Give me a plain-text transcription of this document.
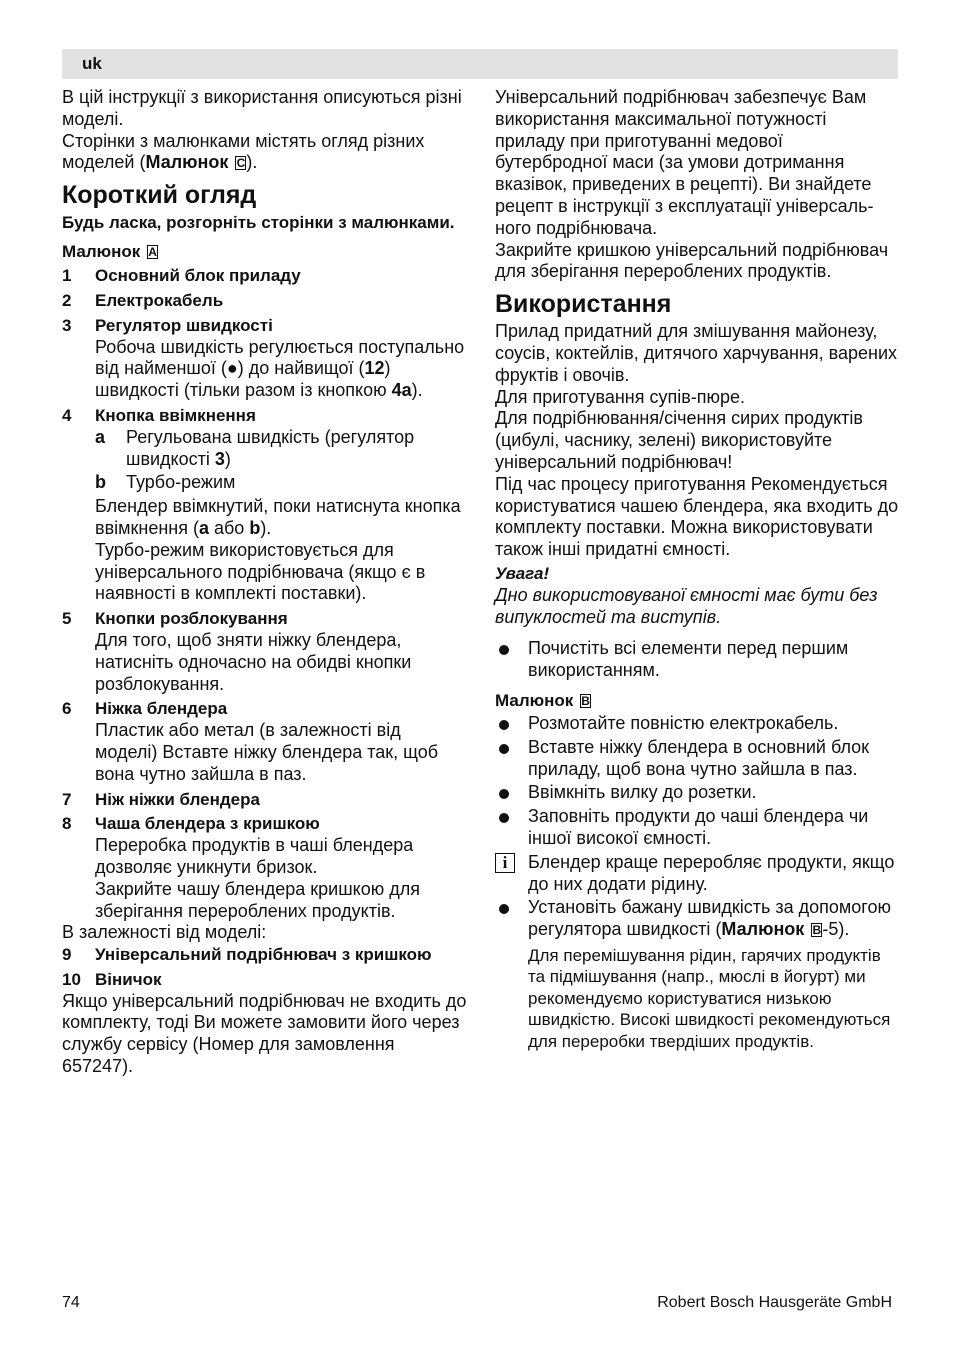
uk

В цій інструкції з використання описуються різні моделі.

Сторінки з малюнками містять огляд різних моделей (Малюнок C).

Короткий огляд

Будь ласка, розгорніть сторінки з малюнками.

Малюнок A

1 Основний блок приладу
2 Електрокабель
3 Регулятор швидкості

Робоча швидкість регулюється поступально від найменшої (●) до найвищої (12) швидкості (тільки разом із кнопкою 4a).

4 Кнопка ввімкнення
a Регульована швидкість (регулятор швидкості 3)
b Турбо-режим

Блендер ввімкнутий, поки натиснута кнопка ввімкнення (a або b).

Турбо-режим використовується для універсального подрібнювача (якщо є в наявності в комплекті поставки).

5 Кнопки розблокування

Для того, щоб зняти ніжку блендера, натисніть одночасно на обидві кнопки розблокування.

6 Ніжка блендера

Пластик або метал (в залежності від моделі) Вставте ніжку блендера так, щоб вона чутно зайшла в паз.

7 Ніж ніжки блендера
8 Чаша блендера з кришкою

Переробка продуктів в чаші блендера дозволяє уникнути бризок.

Закрийте чашу блендера кришкою для зберігання перероблених продуктів.

В залежності від моделі:

9 Універсальний подрібнювач з кришкою
10 Віничок

Якщо універсальний подрібнювач не входить до комплекту, тоді Ви можете замовити його через службу сервісу (Номер для замовлення 657247).

Універсальний подрібнювач забезпечує Вам використання максимальної потужності приладу при приготуванні медової бутербродної маси (за умови дотримання вказівок, приведених в рецепті). Ви знайдете рецепт в інструкції з експлуатації універсального подрібнювача.

Закрийте кришкою універсальний подрібнювач для зберігання перероблених продуктів.

Використання

Прилад придатний для змішування майонезу, соусів, коктейлів, дитячого харчування, варених фруктів і овочів.

Для приготування супів-пюре.

Для подрібнювання/січення сирих продуктів (цибулі, часнику, зелені) використовуйте універсальний подрібнювач!

Під час процесу приготування Рекомендується користуватися чашею блендера, яка входить до комплекту поставки. Можна використовувати також інші придатні ємності.

Увага!

Дно використовуваної ємності має бути без випуклостей та виступів.

Почистіть всі елементи перед першим використанням.

Малюнок B

Розмотайте повністю електрокабель.
Вставте ніжку блендера в основний блок приладу, щоб вона чутно зайшла в паз.
Ввімкніть вилку до розетки.
Заповніть продукти до чаші блендера чи іншої високої ємності.
i	Блендер краще переробляє продукти, якщо до них додати рідину.
Установіть бажану швидкість за допомогою регулятора швидкості (Малюнок B-5).

Для перемішування рідин, гарячих продуктів та підмішування (напр., мюслі в йогурт) ми рекомендуємо користуватися низькою швидкістю. Високі швидкості рекомендуються для переробки твердіших продуктів.

74	Robert Bosch Hausgeräte GmbH
